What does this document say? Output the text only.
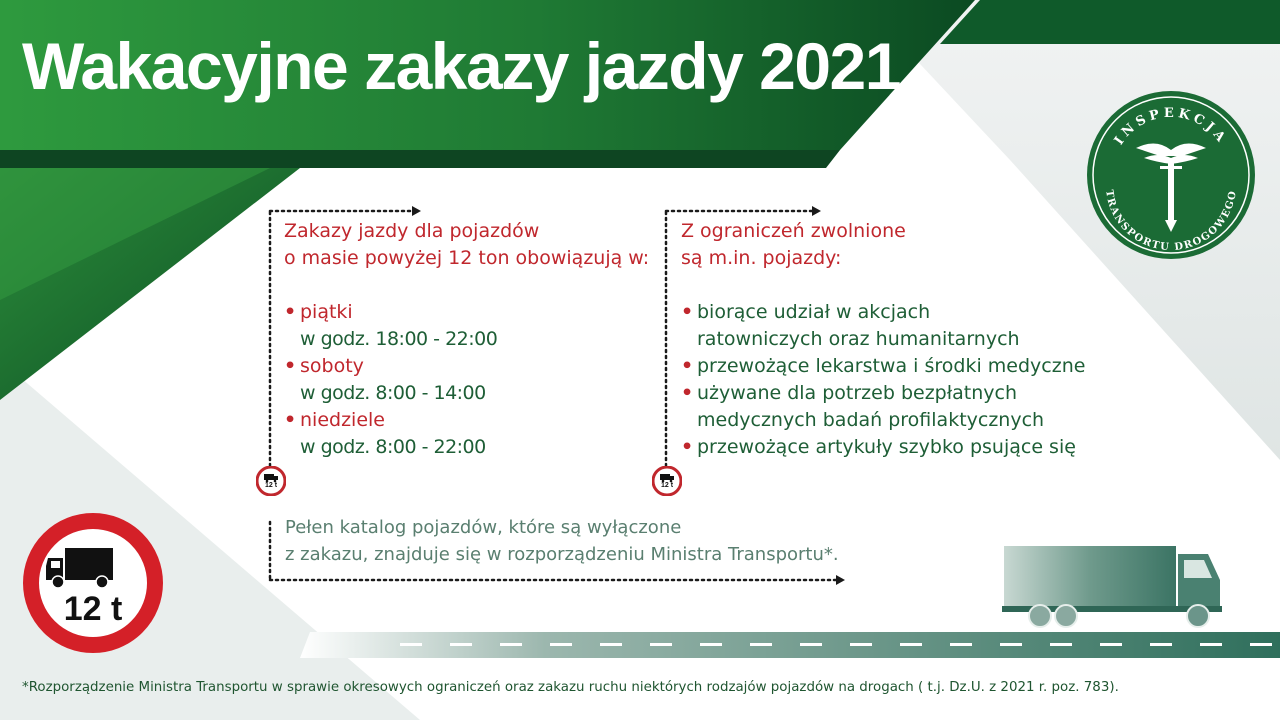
Wakacyjne zakazy jazdy 2021
INSPEKCJA
TRANSPORTU DROGOWEGO
Zakazy jazdy dla pojazdów
o masie powyżej 12 ton obowiązują w:
• piątki
w godz. 18:00 - 22:00
• soboty
w godz. 8:00 - 14:00
• niedziele
w godz. 8:00 - 22:00
Z ograniczeń zwolnione
są m.in. pojazdy:
• biorące udział w akcjach
ratowniczych oraz humanitarnych
• przewożące lekarstwa i środki medyczne
• używane dla potrzeb bezpłatnych
medycznych badań profilaktycznych
• przewożące artykuły szybko psujące się
12 t	12 t
Pełen katalog pojazdów, które są wyłączone
z zakazu, znajduje się w rozporządzeniu Ministra Transportu*.
12 t
*Rozporządzenie Ministra Transportu w sprawie okresowych ograniczeń oraz zakazu ruchu niektórych rodzajów pojazdów na drogach ( t.j. Dz.U. z 2021 r. poz. 783).
